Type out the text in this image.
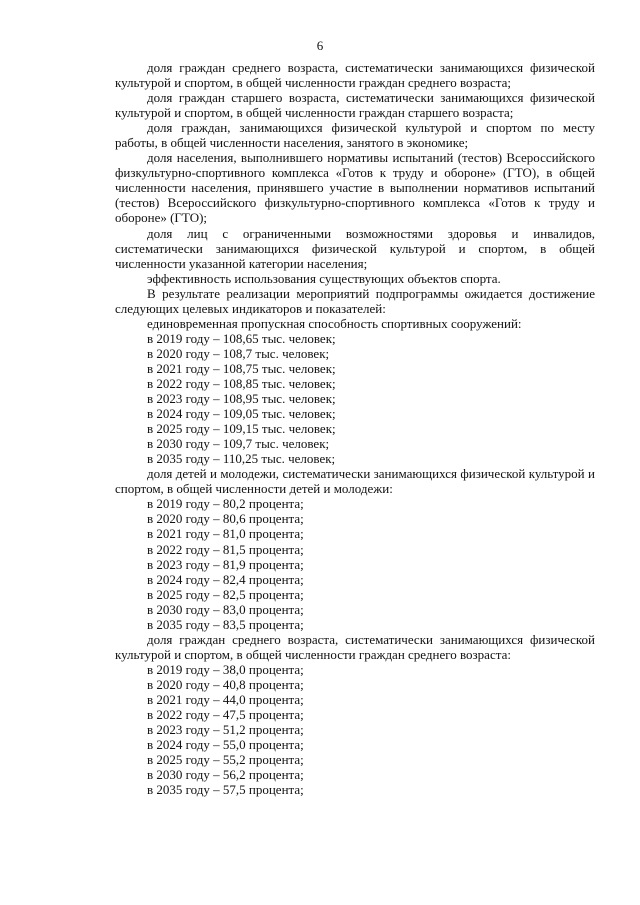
6

доля граждан среднего возраста, систематически занимающихся физической культурой и спортом, в общей численности граждан среднего возраста;

доля граждан старшего возраста, систематически занимающихся физической культурой и спортом, в общей численности граждан старшего возраста;

доля граждан, занимающихся физической культурой и спортом по месту работы, в общей численности населения, занятого в экономике;

доля населения, выполнившего нормативы испытаний (тестов) Всероссийского физкультурно-спортивного комплекса «Готов к труду и обороне» (ГТО), в общей численности населения, принявшего участие в выполнении нормативов испытаний (тестов) Всероссийского физкультурно-спортивного комплекса «Готов к труду и обороне» (ГТО);

доля лиц с ограниченными возможностями здоровья и инвалидов, систематически занимающихся физической культурой и спортом, в общей численности указанной категории населения;

эффективность использования существующих объектов спорта.

В результате реализации мероприятий подпрограммы ожидается достижение следующих целевых индикаторов и показателей:

единовременная пропускная способность спортивных сооружений:

в 2019 году – 108,65 тыс. человек;

в 2020 году – 108,7 тыс. человек;

в 2021 году – 108,75 тыс. человек;

в 2022 году – 108,85 тыс. человек;

в 2023 году – 108,95 тыс. человек;

в 2024 году – 109,05 тыс. человек;

в 2025 году – 109,15 тыс. человек;

в 2030 году – 109,7 тыс. человек;

в 2035 году – 110,25 тыс. человек;

доля детей и молодежи, систематически занимающихся физической культурой и спортом, в общей численности детей и молодежи:

в 2019 году – 80,2 процента;

в 2020 году – 80,6 процента;

в 2021 году – 81,0 процента;

в 2022 году – 81,5 процента;

в 2023 году – 81,9 процента;

в 2024 году – 82,4 процента;

в 2025 году – 82,5 процента;

в 2030 году – 83,0 процента;

в 2035 году – 83,5 процента;

доля граждан среднего возраста, систематически занимающихся физической культурой и спортом, в общей численности граждан среднего возраста:

в 2019 году – 38,0 процента;

в 2020 году – 40,8 процента;

в 2021 году – 44,0 процента;

в 2022 году – 47,5 процента;

в 2023 году – 51,2 процента;

в 2024 году – 55,0 процента;

в 2025 году – 55,2 процента;

в 2030 году – 56,2 процента;

в 2035 году – 57,5 процента;
